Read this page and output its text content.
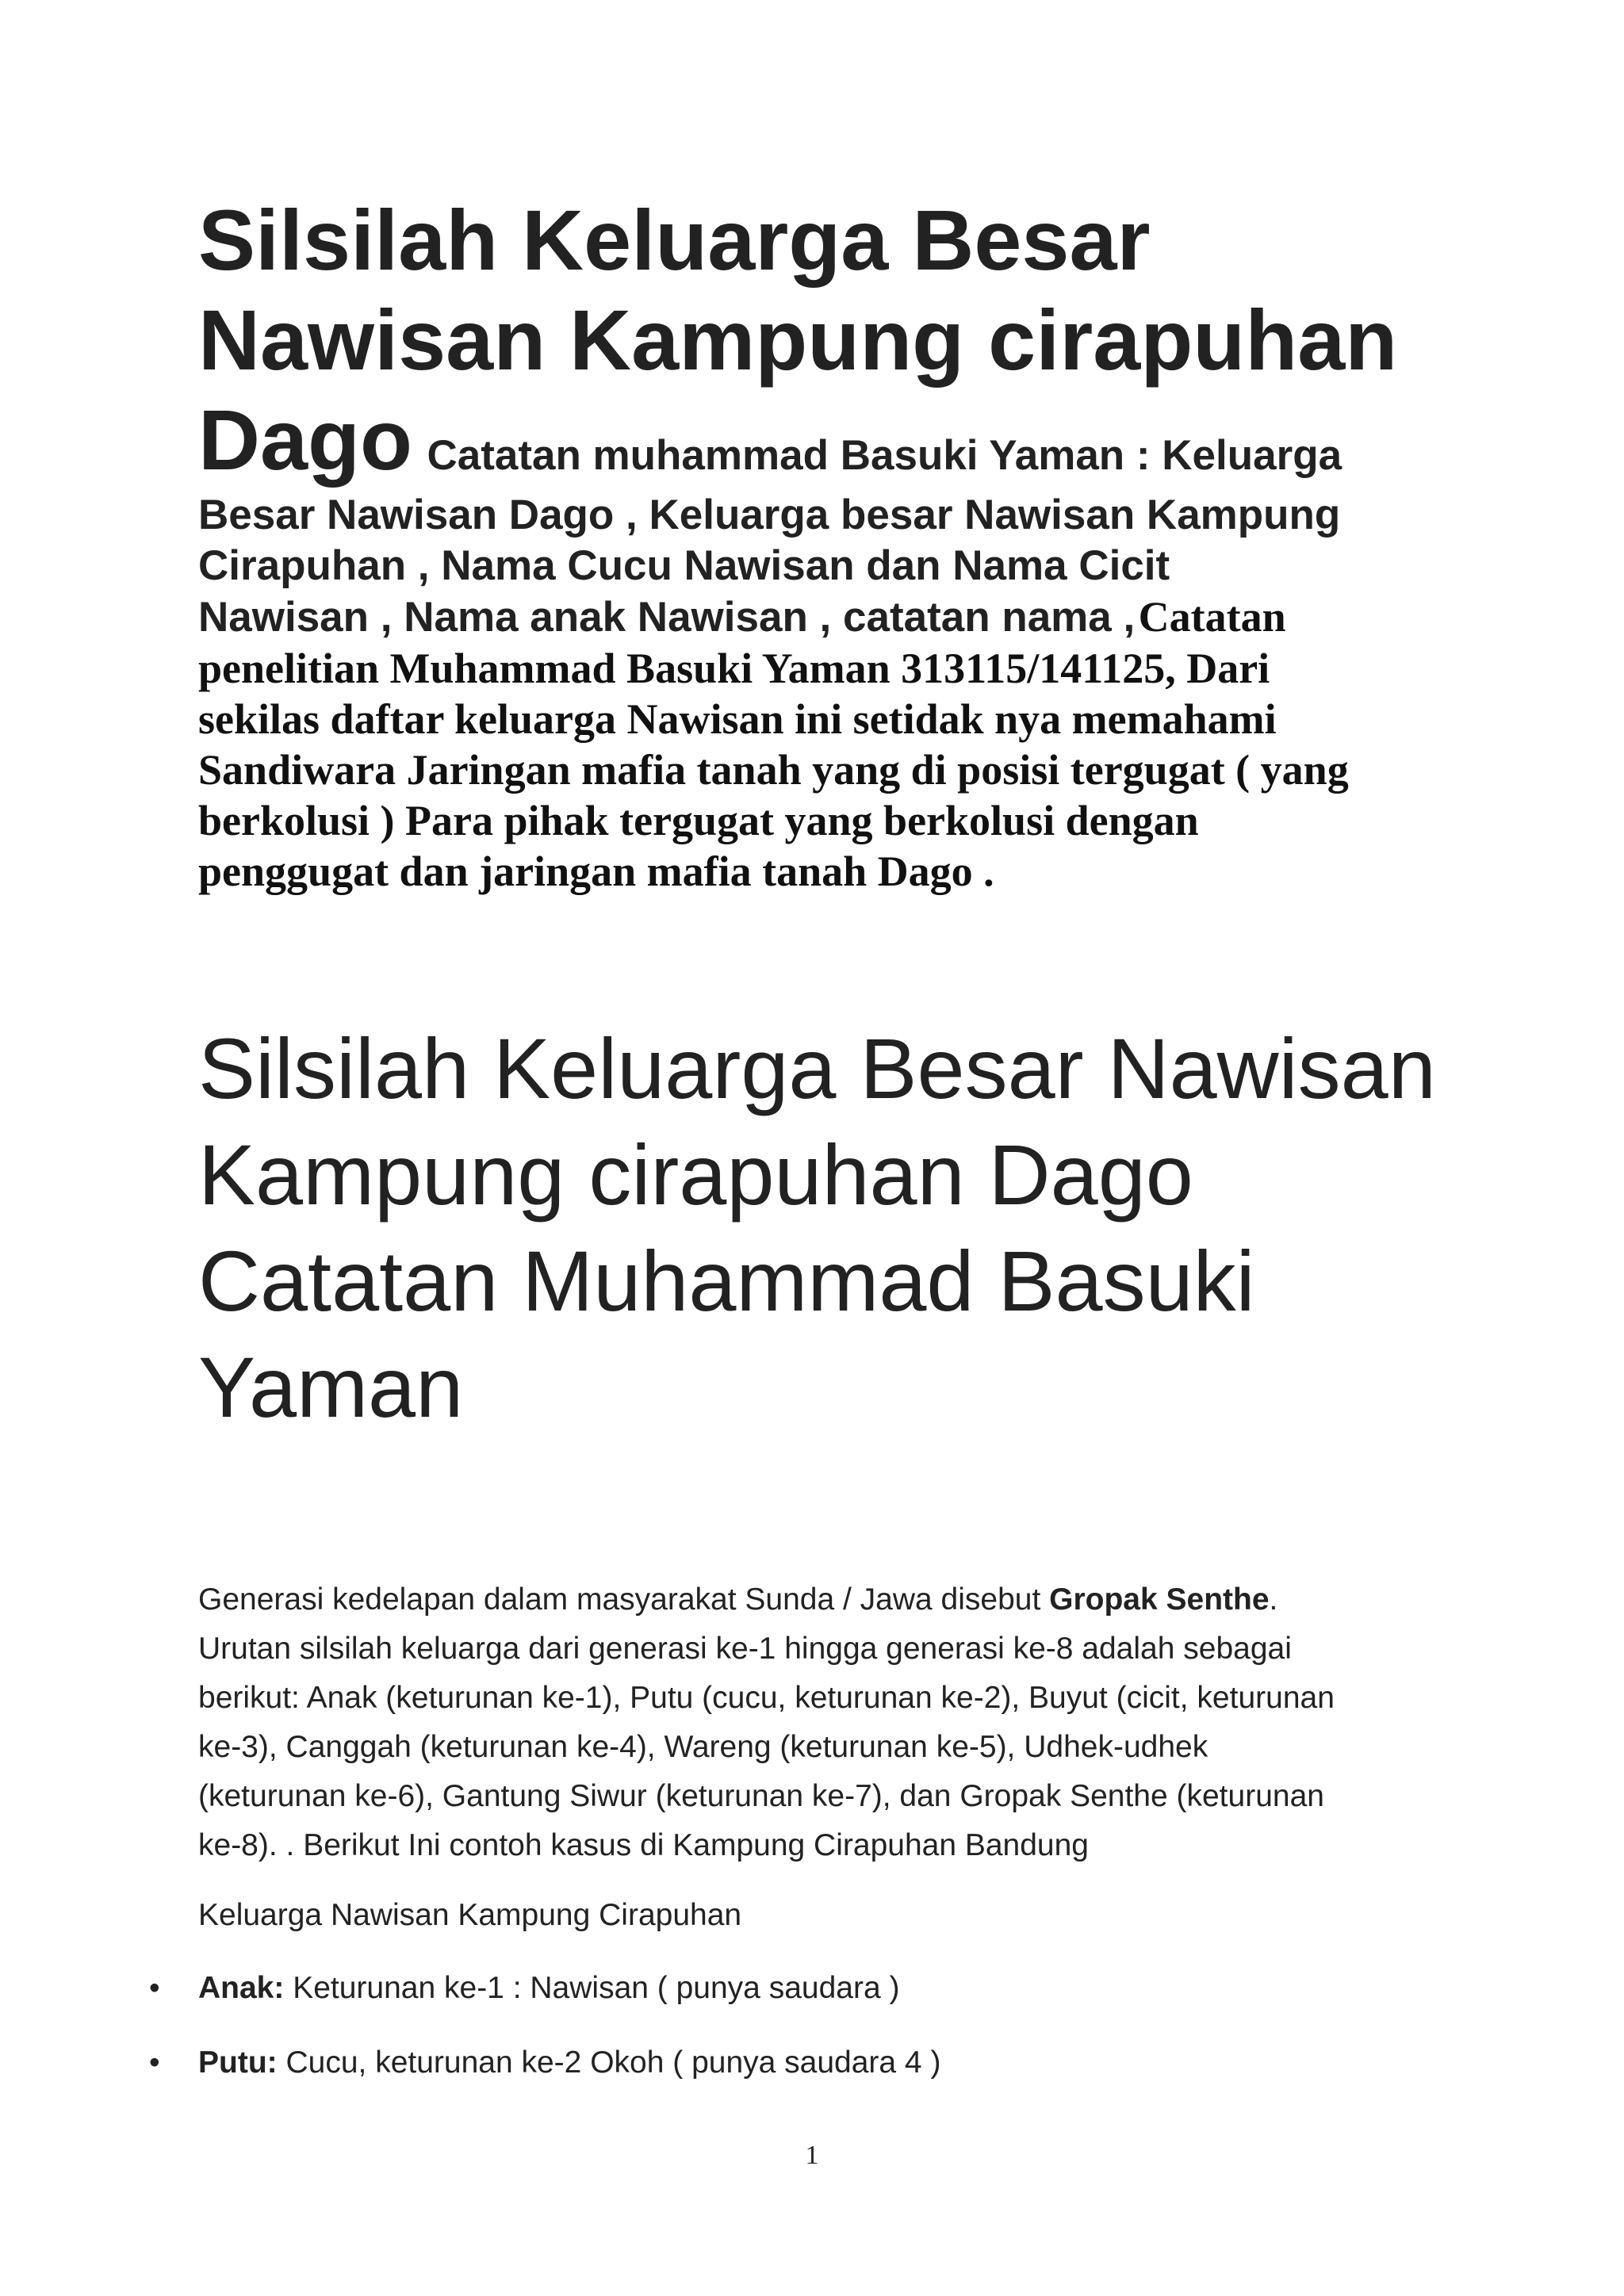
Silsilah Keluarga Besar
Nawisan Kampung cirapuhan
Dago Catatan muhammad Basuki Yaman : Keluarga
Besar Nawisan Dago , Keluarga besar Nawisan Kampung
Cirapuhan , Nama Cucu Nawisan dan Nama Cicit
Nawisan , Nama anak Nawisan , catatan nama , Catatan
penelitian Muhammad Basuki Yaman 313115/141125, Dari
sekilas daftar keluarga Nawisan ini setidak nya memahami
Sandiwara Jaringan mafia tanah yang di posisi tergugat ( yang
berkolusi ) Para pihak tergugat yang berkolusi dengan
penggugat dan jaringan mafia tanah Dago .
Silsilah Keluarga Besar Nawisan
Kampung cirapuhan Dago
Catatan Muhammad Basuki
Yaman
Generasi kedelapan dalam masyarakat Sunda / Jawa disebut Gropak Senthe.
Urutan silsilah keluarga dari generasi ke-1 hingga generasi ke-8 adalah sebagai
berikut: Anak (keturunan ke-1), Putu (cucu, keturunan ke-2), Buyut (cicit, keturunan
ke-3), Canggah (keturunan ke-4), Wareng (keturunan ke-5), Udhek-udhek
(keturunan ke-6), Gantung Siwur (keturunan ke-7), dan Gropak Senthe (keturunan
ke-8). . Berikut Ini contoh kasus di Kampung Cirapuhan Bandung
Keluarga Nawisan Kampung Cirapuhan
• Anak: Keturunan ke-1 : Nawisan ( punya saudara )
• Putu: Cucu, keturunan ke-2 Okoh ( punya saudara 4 )
1
